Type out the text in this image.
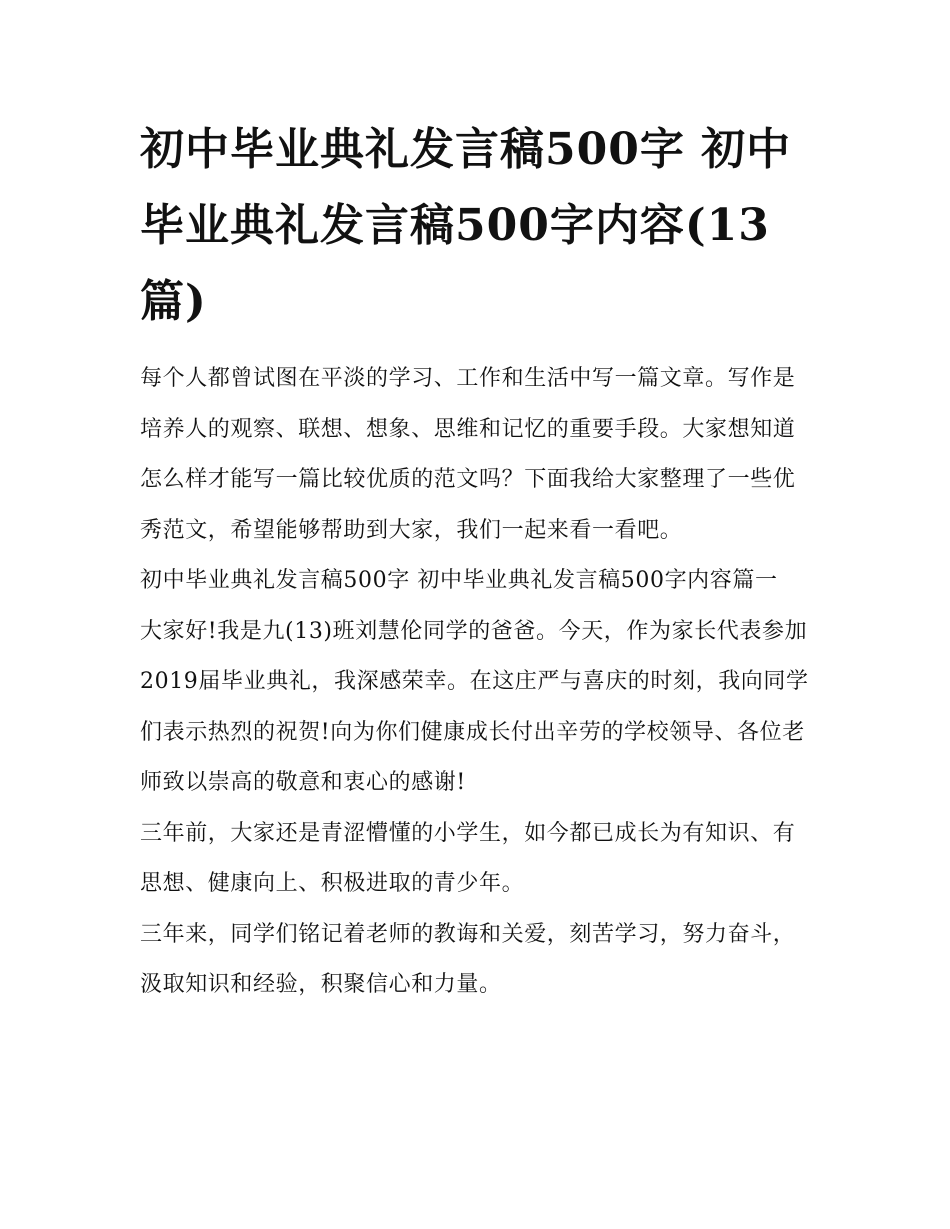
初中毕业典礼发言稿500字 初中毕业典礼发言稿500字内容(13篇)

每个人都曾试图在平淡的学习、工作和生活中写一篇文章。写作是培养人的观察、联想、想象、思维和记忆的重要手段。大家想知道怎么样才能写一篇比较优质的范文吗？下面我给大家整理了一些优秀范文，希望能够帮助到大家，我们一起来看一看吧。

初中毕业典礼发言稿500字 初中毕业典礼发言稿500字内容篇一

大家好!我是九(13)班刘慧伦同学的爸爸。今天，作为家长代表参加2019届毕业典礼，我深感荣幸。在这庄严与喜庆的时刻，我向同学们表示热烈的祝贺!向为你们健康成长付出辛劳的学校领导、各位老师致以崇高的敬意和衷心的感谢!

三年前，大家还是青涩懵懂的小学生，如今都已成长为有知识、有思想、健康向上、积极进取的青少年。

三年来，同学们铭记着老师的教诲和关爱，刻苦学习，努力奋斗，汲取知识和经验，积聚信心和力量。
